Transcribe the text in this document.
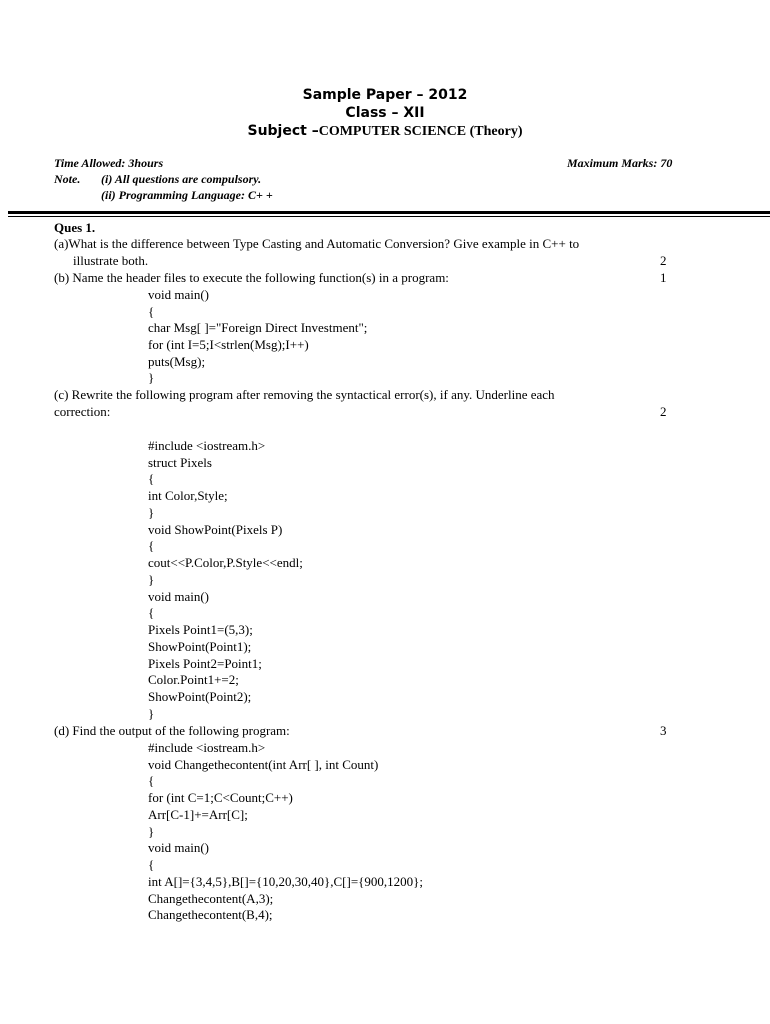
Sample Paper – 2012
Class – XII
Subject –COMPUTER SCIENCE (Theory)
Time Allowed: 3hours	Maximum Marks: 70
Note. (i) All questions are compulsory.
(ii) Programming Language: C+ +
Ques 1.
(a)What is the difference between Type Casting and Automatic Conversion? Give example in C++ to
illustrate both.	2
(b) Name the header files to execute the following function(s) in a program:	1
void main()
{
char Msg[ ]="Foreign Direct Investment";
for (int I=5;I<strlen(Msg);I++)
puts(Msg);
}
(c) Rewrite the following program after removing the syntactical error(s), if any. Underline each
correction:	2
#include <iostream.h>
struct Pixels
{
int Color,Style;
}
void ShowPoint(Pixels P)
{
cout<<P.Color,P.Style<<endl;
}
void main()
{
Pixels Point1=(5,3);
ShowPoint(Point1);
Pixels Point2=Point1;
Color.Point1+=2;
ShowPoint(Point2);
}
(d) Find the output of the following program:	3
#include <iostream.h>
void Changethecontent(int Arr[ ], int Count)
{
for (int C=1;C<Count;C++)
Arr[C-1]+=Arr[C];
}
void main()
{
int A[]={3,4,5},B[]={10,20,30,40},C[]={900,1200};
Changethecontent(A,3);
Changethecontent(B,4);
